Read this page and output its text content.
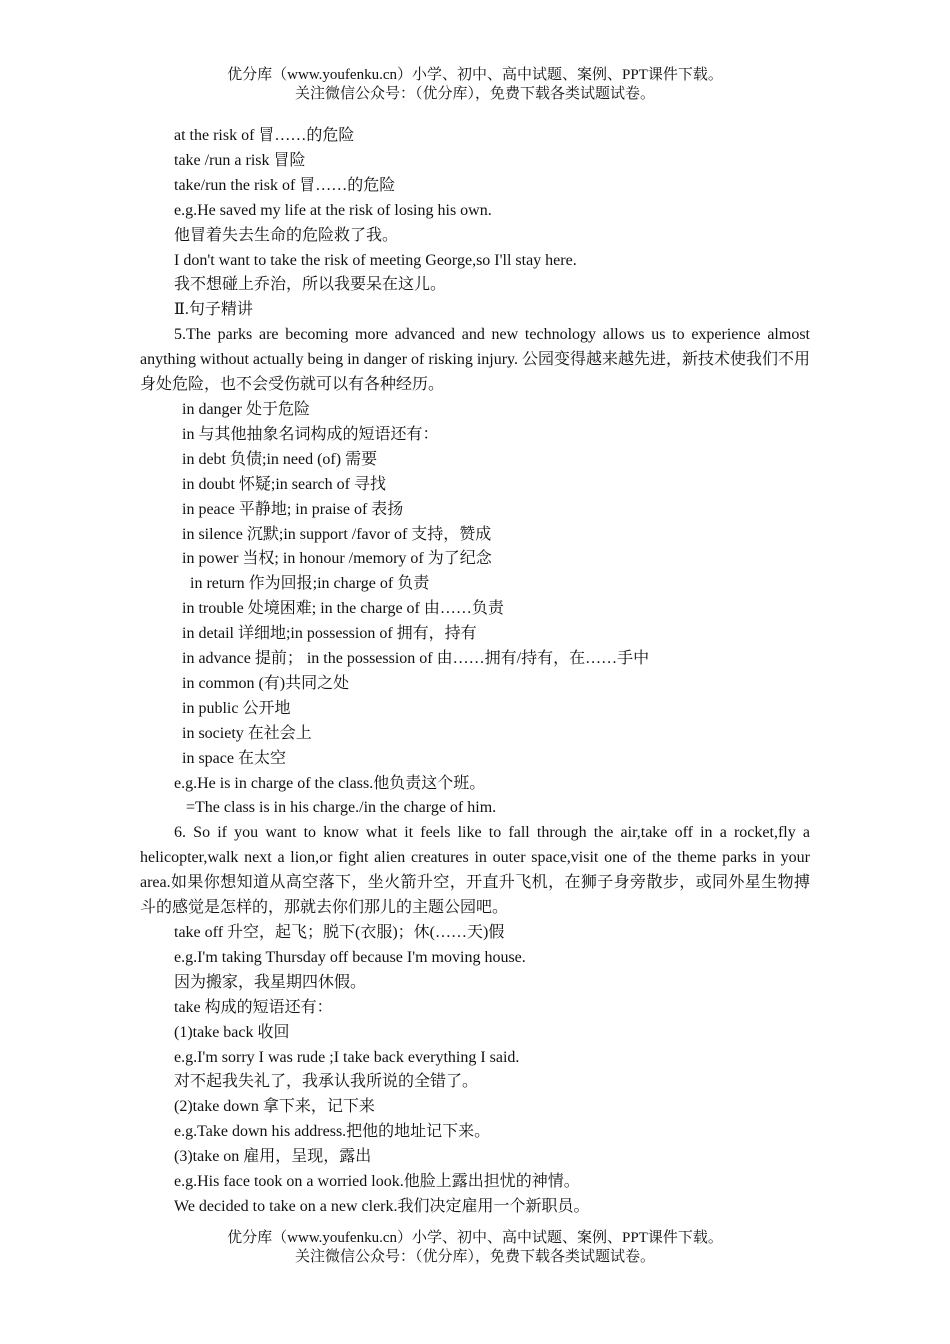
优分库（www.youfenku.cn）小学、初中、高中试题、案例、PPT课件下载。
关注微信公众号：（优分库），免费下载各类试题试卷。
at the risk of 冒……的危险
take /run a risk 冒险
take/run the risk of 冒……的危险
e.g.He saved my life at the risk of losing his own.
他冒着失去生命的危险救了我。
I don't want to take the risk of meeting George,so I'll stay here.
我不想碰上乔治，所以我要呆在这儿。
Ⅱ.句子精讲
5.The parks are becoming more advanced and new technology allows us to experience almost anything without actually being in danger of risking injury. 公园变得越来越先进，新技术使我们不用身处危险，也不会受伤就可以有各种经历。
in danger 处于危险
in 与其他抽象名词构成的短语还有：
in debt 负债;in need (of) 需要
in doubt 怀疑;in search of 寻找
in peace 平静地; in praise of 表扬
in silence 沉默;in support /favor of 支持，赞成
in power 当权; in honour /memory of 为了纪念
in return 作为回报;in charge of 负责
in trouble 处境困难; in the charge of 由……负责
in detail 详细地;in possession of 拥有，持有
in advance 提前； in the possession of 由……拥有/持有，在……手中
in common (有)共同之处
in public 公开地
in society 在社会上
in space 在太空
e.g.He is in charge of the class.他负责这个班。
=The class is in his charge./in the charge of him.
6. So if you want to know what it feels like to fall through the air,take off in a rocket,fly a helicopter,walk next a lion,or fight alien creatures in outer space,visit one of the theme parks in your area.如果你想知道从高空落下，坐火箭升空，开直升飞机，在狮子身旁散步，或同外星生物搏斗的感觉是怎样的，那就去你们那儿的主题公园吧。
take off 升空，起飞；脱下(衣服)；休(……天)假
e.g.I'm taking Thursday off because I'm moving house.
因为搬家，我星期四休假。
take 构成的短语还有：
(1)take back 收回
e.g.I'm sorry I was rude ;I take back everything I said.
对不起我失礼了，我承认我所说的全错了。
(2)take down 拿下来，记下来
e.g.Take down his address.把他的地址记下来。
(3)take on 雇用，呈现，露出
e.g.His face took on a worried look.他脸上露出担忧的神情。
We decided to take on a new clerk.我们决定雇用一个新职员。
优分库（www.youfenku.cn）小学、初中、高中试题、案例、PPT课件下载。
关注微信公众号：（优分库），免费下载各类试题试卷。
